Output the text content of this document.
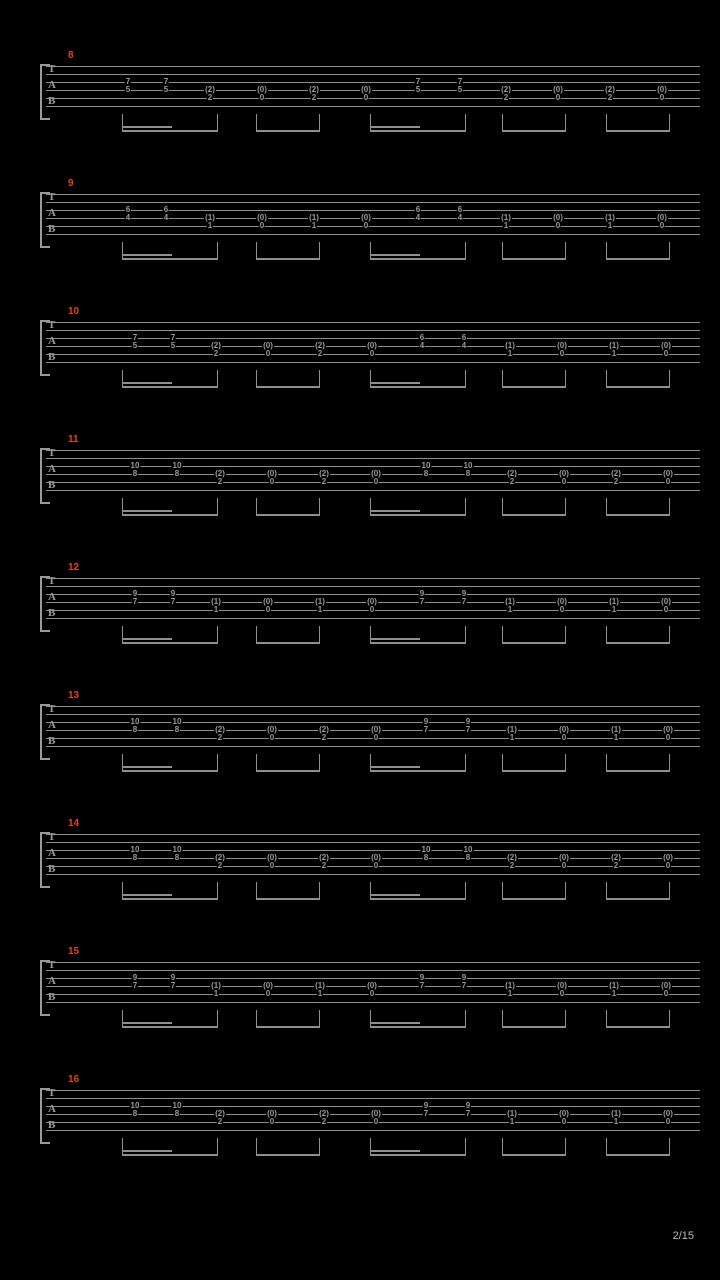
8
T
A
B
7	7
5	5	(2)
2
(0)
0
(2)
2
(0)
0
7	7
5	5	(2)
2
(0)
0
(2)
2
(0)
0
9
T
A
B
6	6
4	4	(1)
1
(0)
0
(1)
1
(0)
0
6	6
4	4	(1)
1
(0)
0
(1)
1
(0)
0
10
T
A
B
7	7
5	5	(2)
2
(0)
0
(2)
2
(0)
0
6	6
4	4	(1)
1
(0)
0
(1)
1
(0)
0
11
T
A
B
10	10
8	8	(2)
2
(0)
0
(2)
2
(0)
0
10	10
8	8	(2)
2
(0)
0
(2)
2
(0)
0
12
T
A
B
9	9
7	7	(1)
1
(0)
0
(1)
1
(0)
0
9	9
7	7	(1)
1
(0)
0
(1)
1
(0)
0
13
T
A
B
10	10
8	8	(2)
2
(0)
0
(2)
2
(0)
0
9	9
7	7	(1)
1
(0)
0
(1)
1
(0)
0
14
T
A
B
10	10
8	8	(2)
2
(0)
0
(2)
2
(0)
0
10	10
8	8	(2)
2
(0)
0
(2)
2
(0)
0
15
T
A
B
9	9
7	7	(1)
1
(0)
0
(1)
1
(0)
0
9	9
7	7	(1)
1
(0)
0
(1)
1
(0)
0
16
T
A
B
10	10
8	8	(2)
2
(0)
0
(2)
2
(0)
0
9	9
7	7	(1)
1
(0)
0
(1)
1
(0)
0
2/15
